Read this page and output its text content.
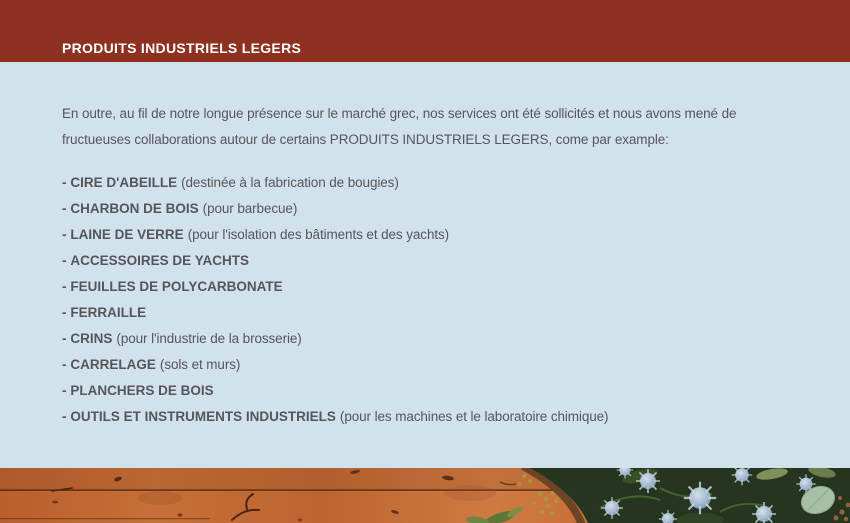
PRODUITS INDUSTRIELS LEGERS
En outre, au fil de notre longue présence sur le marché grec, nos services ont été sollicités et nous avons mené de
fructueuses collaborations autour de certains PRODUITS INDUSTRIELS LEGERS, come par example:
- CIRE D'ABEILLE (destinée à la fabrication de bougies)
- CHARBON DE BOIS (pour barbecue)
- LAINE DE VERRE (pour l'isolation des bâtiments et des yachts)
- ACCESSOIRES DE YACHTS
- FEUILLES DE POLYCARBONATE
- FERRAILLE
- CRINS (pour l'industrie de la brosserie)
- CARRELAGE (sols et murs)
- PLANCHERS DE BOIS
- OUTILS ET INSTRUMENTS INDUSTRIELS (pour les machines et le laboratoire chimique)
